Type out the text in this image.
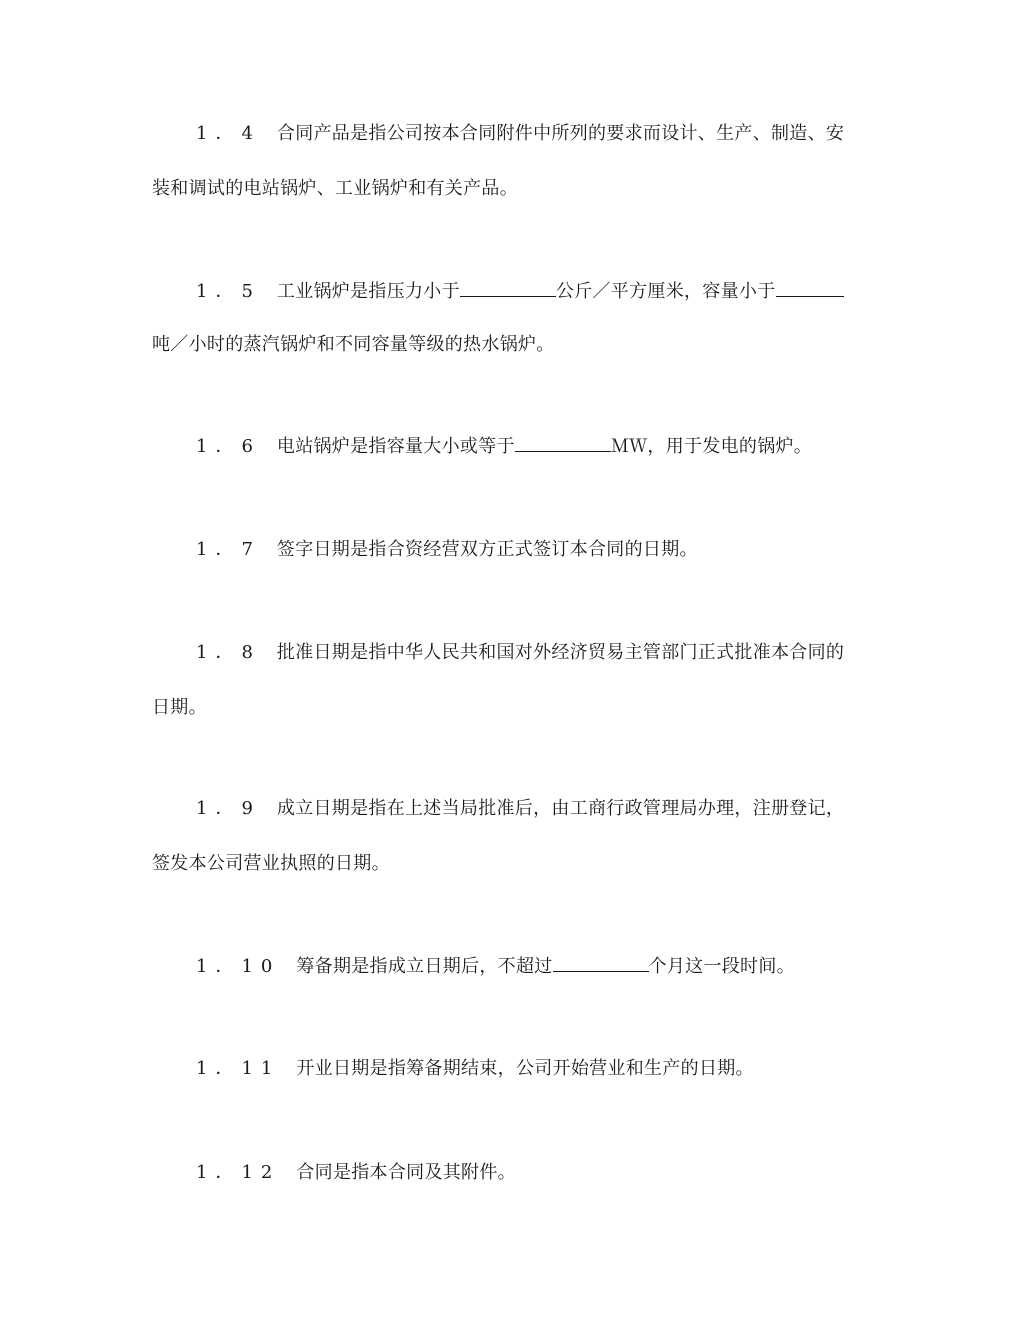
1．4 合同产品是指公司按本合同附件中所列的要求而设计、生产、制造、安
装和调试的电站锅炉、工业锅炉和有关产品。
1．5 工业锅炉是指压力小于	公斤／平方厘米，容量小于
吨／小时的蒸汽锅炉和不同容量等级的热水锅炉。
1．6 电站锅炉是指容量大小或等于	ＭＷ，用于发电的锅炉。
1．7 签字日期是指合资经营双方正式签订本合同的日期。
1．8 批准日期是指中华人民共和国对外经济贸易主管部门正式批准本合同的
日期。
1．9 成立日期是指在上述当局批准后，由工商行政管理局办理，注册登记，
签发本公司营业执照的日期。
1．10 筹备期是指成立日期后，不超过	个月这一段时间。
1．11 开业日期是指筹备期结束，公司开始营业和生产的日期。
1．12 合同是指本合同及其附件。
